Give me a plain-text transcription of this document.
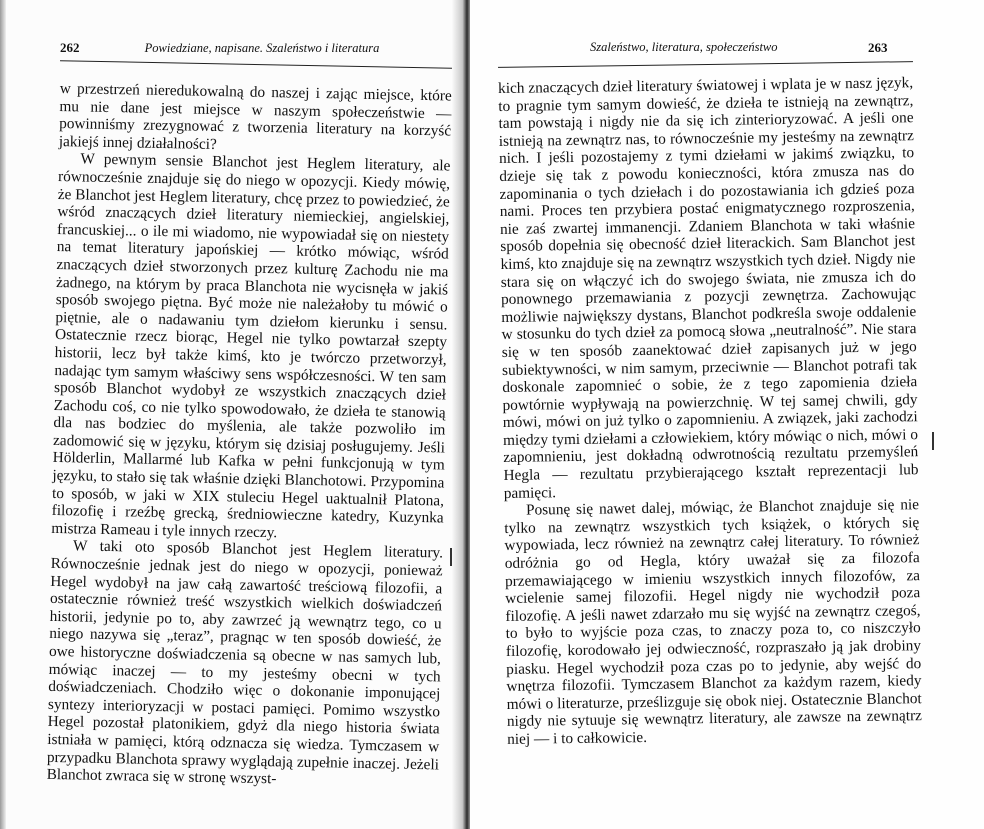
262	Powiedziane, napisane. Szaleństwo i literatura

w przestrzeń nieredukowalną do naszej i zając miejsce, które mu nie dane jest miejsce w naszym społeczeństwie — powinniśmy zrezygnować z tworzenia literatury na korzyść jakiejś innej działalności?

W pewnym sensie Blanchot jest Heglem literatury, ale równocześnie znajduje się do niego w opozycji. Kiedy mówię, że Blanchot jest Heglem literatury, chcę przez to powiedzieć, że wśród znaczących dzieł literatury niemieckiej, angielskiej, francuskiej... o ile mi wiadomo, nie wypowiadał się on niestety na temat literatury japońskiej — krótko mówiąc, wśród znaczących dzieł stworzonych przez kulturę Zachodu nie ma żadnego, na którym by praca Blanchota nie wycisnęła w jakiś sposób swojego piętna. Być może nie należałoby tu mówić o piętnie, ale o nadawaniu tym dziełom kierunku i sensu. Ostatecznie rzecz biorąc, Hegel nie tylko powtarzał szepty historii, lecz był także kimś, kto je twórczo przetworzył, nadając tym samym właściwy sens współczesności. W ten sam sposób Blanchot wydobył ze wszystkich znaczących dzieł Zachodu coś, co nie tylko spowodowało, że dzieła te stanowią dla nas bodziec do myślenia, ale także pozwoliło im zadomowić się w języku, którym się dzisiaj posługujemy. Jeśli Hölderlin, Mallarmé lub Kafka w pełni funkcjonują w tym języku, to stało się tak właśnie dzięki Blanchotowi. Przypomina to sposób, w jaki w XIX stuleciu Hegel uaktualnił Platona, filozofię i rzeźbę grecką, średniowieczne katedry, Kuzynka mistrza Rameau i tyle innych rzeczy.

W taki oto sposób Blanchot jest Heglem literatury. Równocześnie jednak jest do niego w opozycji, ponieważ Hegel wydobył na jaw całą zawartość treściową filozofii, a ostatecznie również treść wszystkich wielkich doświadczeń historii, jedynie po to, aby zawrzeć ją wewnątrz tego, co u niego nazywa się „teraz”, pragnąc w ten sposób dowieść, że owe historyczne doświadczenia są obecne w nas samych lub, mówiąc inaczej — to my jesteśmy obecni w tych doświadczeniach. Chodziło więc o dokonanie imponującej syntezy interioryzacji w postaci pamięci. Pomimo wszystko Hegel pozostał platonikiem, gdyż dla niego historia świata istniała w pamięci, którą odznacza się wiedza. Tymczasem w przypadku Blanchota sprawy wyglądają zupełnie inaczej. Jeżeli Blanchot zwraca się w stronę wszyst-

Szaleństwo, literatura, społeczeństwo	263

kich znaczących dzieł literatury światowej i wplata je w nasz język, to pragnie tym samym dowieść, że dzieła te istnieją na zewnątrz, tam powstają i nigdy nie da się ich zinterioryzować. A jeśli one istnieją na zewnątrz nas, to równocześnie my jesteśmy na zewnątrz nich. I jeśli pozostajemy z tymi dziełami w jakimś związku, to dzieje się tak z powodu konieczności, która zmusza nas do zapominania o tych dziełach i do pozostawiania ich gdzieś poza nami. Proces ten przybiera postać enigmatycznego rozproszenia, nie zaś zwartej immanencji. Zdaniem Blanchota w taki właśnie sposób dopełnia się obecność dzieł literackich. Sam Blanchot jest kimś, kto znajduje się na zewnątrz wszystkich tych dzieł. Nigdy nie stara się on włączyć ich do swojego świata, nie zmusza ich do ponownego przemawiania z pozycji zewnętrza. Zachowując możliwie największy dystans, Blanchot podkreśla swoje oddalenie w stosunku do tych dzieł za pomocą słowa „neutralność”. Nie stara się w ten sposób zaanektować dzieł zapisanych już w jego subiektywności, w nim samym, przeciwnie — Blanchot potrafi tak doskonale zapomnieć o sobie, że z tego zapomienia dzieła powtórnie wypływają na powierzchnię. W tej samej chwili, gdy mówi, mówi on już tylko o zapomnieniu. A związek, jaki zachodzi między tymi dziełami a człowiekiem, który mówiąc o nich, mówi o zapomnieniu, jest dokładną odwrotnością rezultatu przemyśleń Hegla — rezultatu przybierającego kształt reprezentacji lub pamięci.

Posunę się nawet dalej, mówiąc, że Blanchot znajduje się nie tylko na zewnątrz wszystkich tych książek, o których się wypowiada, lecz również na zewnątrz całej literatury. To również odróżnia go od Hegla, który uważał się za filozofa przemawiającego w imieniu wszystkich innych filozofów, za wcielenie samej filozofii. Hegel nigdy nie wychodził poza filozofię. A jeśli nawet zdarzało mu się wyjść na zewnątrz czegoś, to było to wyjście poza czas, to znaczy poza to, co niszczyło filozofię, korodowało jej odwieczność, rozpraszało ją jak drobiny piasku. Hegel wychodził poza czas po to jedynie, aby wejść do wnętrza filozofii. Tymczasem Blanchot za każdym razem, kiedy mówi o literaturze, prześlizguje się obok niej. Ostatecznie Blanchot nigdy nie sytuuje się wewnątrz literatury, ale zawsze na zewnątrz niej — i to całkowicie.
